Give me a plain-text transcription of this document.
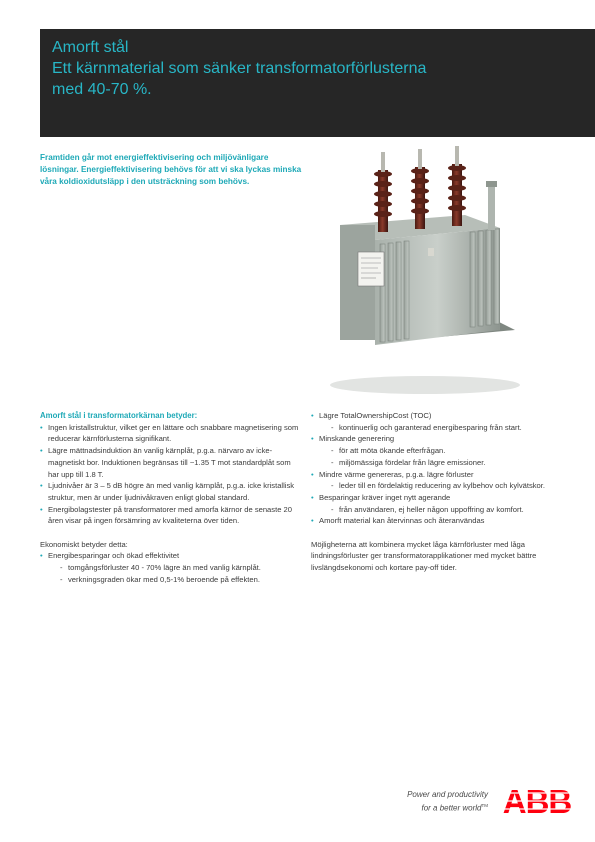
Amorft stål
Ett kärnmaterial som sänker transformatorförlusterna
med 40-70 %.

Framtiden går mot energieffektivisering och miljövänligare lösningar. Energieffektivisering behövs för att vi ska lyckas minska våra koldioxidutsläpp i den utsträckning som behövs.

Amorft stål i transformatorkärnan betyder:
• Ingen kristallstruktur, vilket ger en lättare och snabbare magnetisering som reducerar kärnförlusterna signifikant.
• Lägre mättnadsinduktion än vanlig kärnplåt, p.g.a. närvaro av icke-magnetiskt bor. Induktionen begränsas till ~1.35 T mot standardplåt som har upp till 1.8 T.
• Ljudnivåer är 3 – 5 dB högre än med vanlig kärnplåt, p.g.a. icke kristallisk struktur, men är under ljudnivåkraven enligt global standard.
• Energibolagstester på transformatorer med amorfa kärnor de senaste 20 åren visar på ingen försämring av kvaliteterna över tiden.
Ekonomiskt betyder detta:
• Energibesparingar och ökad effektivitet
- tomgångsförluster 40 - 70% lägre än med vanlig kärnplåt.
- verkningsgraden ökar med 0,5-1% beroende på effekten.
• Lägre TotalOwnershipCost (TOC)
- kontinuerlig och garanterad energibesparing från start.
• Minskande generering
- för att möta ökande efterfrågan.
- miljömässiga fördelar från lägre emissioner.
• Mindre värme genereras, p.g.a. lägre förluster
- leder till en fördelaktig reducering av kylbehov och kylvätskor.
• Besparingar kräver inget nytt agerande
- från användaren, ej heller någon uppoffring av komfort.
• Amorft material kan återvinnas och återanvändas

Möjligheterna att kombinera mycket låga kärnförluster med låga lindningsförluster ger transformatorapplikationer med mycket bättre livslängdsekonomi och kortare pay-off tider.

Power and productivity
for a better world™ ABB
